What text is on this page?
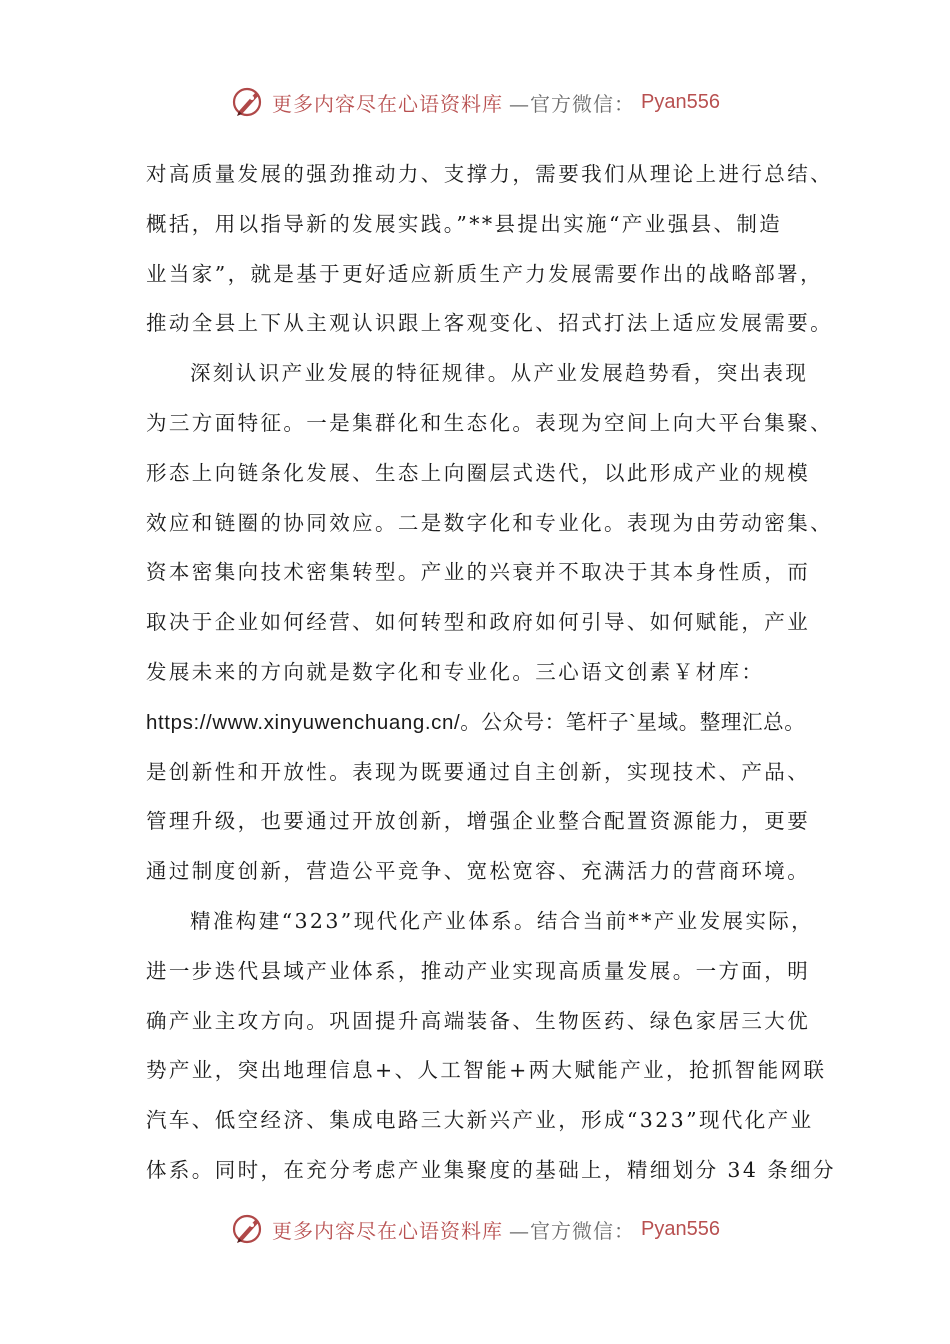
更多内容尽在心语资料库 —官方微信： Pyan556
对高质量发展的强劲推动力、支撑力，需要我们从理论上进行总结、
概括，用以指导新的发展实践。”**县提出实施“产业强县、制造
业当家”，就是基于更好适应新质生产力发展需要作出的战略部署，
推动全县上下从主观认识跟上客观变化、招式打法上适应发展需要。
深刻认识产业发展的特征规律。从产业发展趋势看，突出表现
为三方面特征。一是集群化和生态化。表现为空间上向大平台集聚、
形态上向链条化发展、生态上向圈层式迭代，以此形成产业的规模
效应和链圈的协同效应。二是数字化和专业化。表现为由劳动密集、
资本密集向技术密集转型。产业的兴衰并不取决于其本身性质，而
取决于企业如何经营、如何转型和政府如何引导、如何赋能，产业
发展未来的方向就是数字化和专业化。三心语文创素￥材库：
https://www.xinyuwenchuang.cn/。公众号：笔杆子`星域。整理汇总。
是创新性和开放性。表现为既要通过自主创新，实现技术、产品、
管理升级，也要通过开放创新，增强企业整合配置资源能力，更要
通过制度创新，营造公平竞争、宽松宽容、充满活力的营商环境。
精准构建“323”现代化产业体系。结合当前**产业发展实际，
进一步迭代县域产业体系，推动产业实现高质量发展。一方面，明
确产业主攻方向。巩固提升高端装备、生物医药、绿色家居三大优
势产业，突出地理信息+、人工智能+两大赋能产业，抢抓智能网联
汽车、低空经济、集成电路三大新兴产业，形成“323”现代化产业
体系。同时，在充分考虑产业集聚度的基础上，精细划分 34 条细分
更多内容尽在心语资料库 —官方微信： Pyan556
